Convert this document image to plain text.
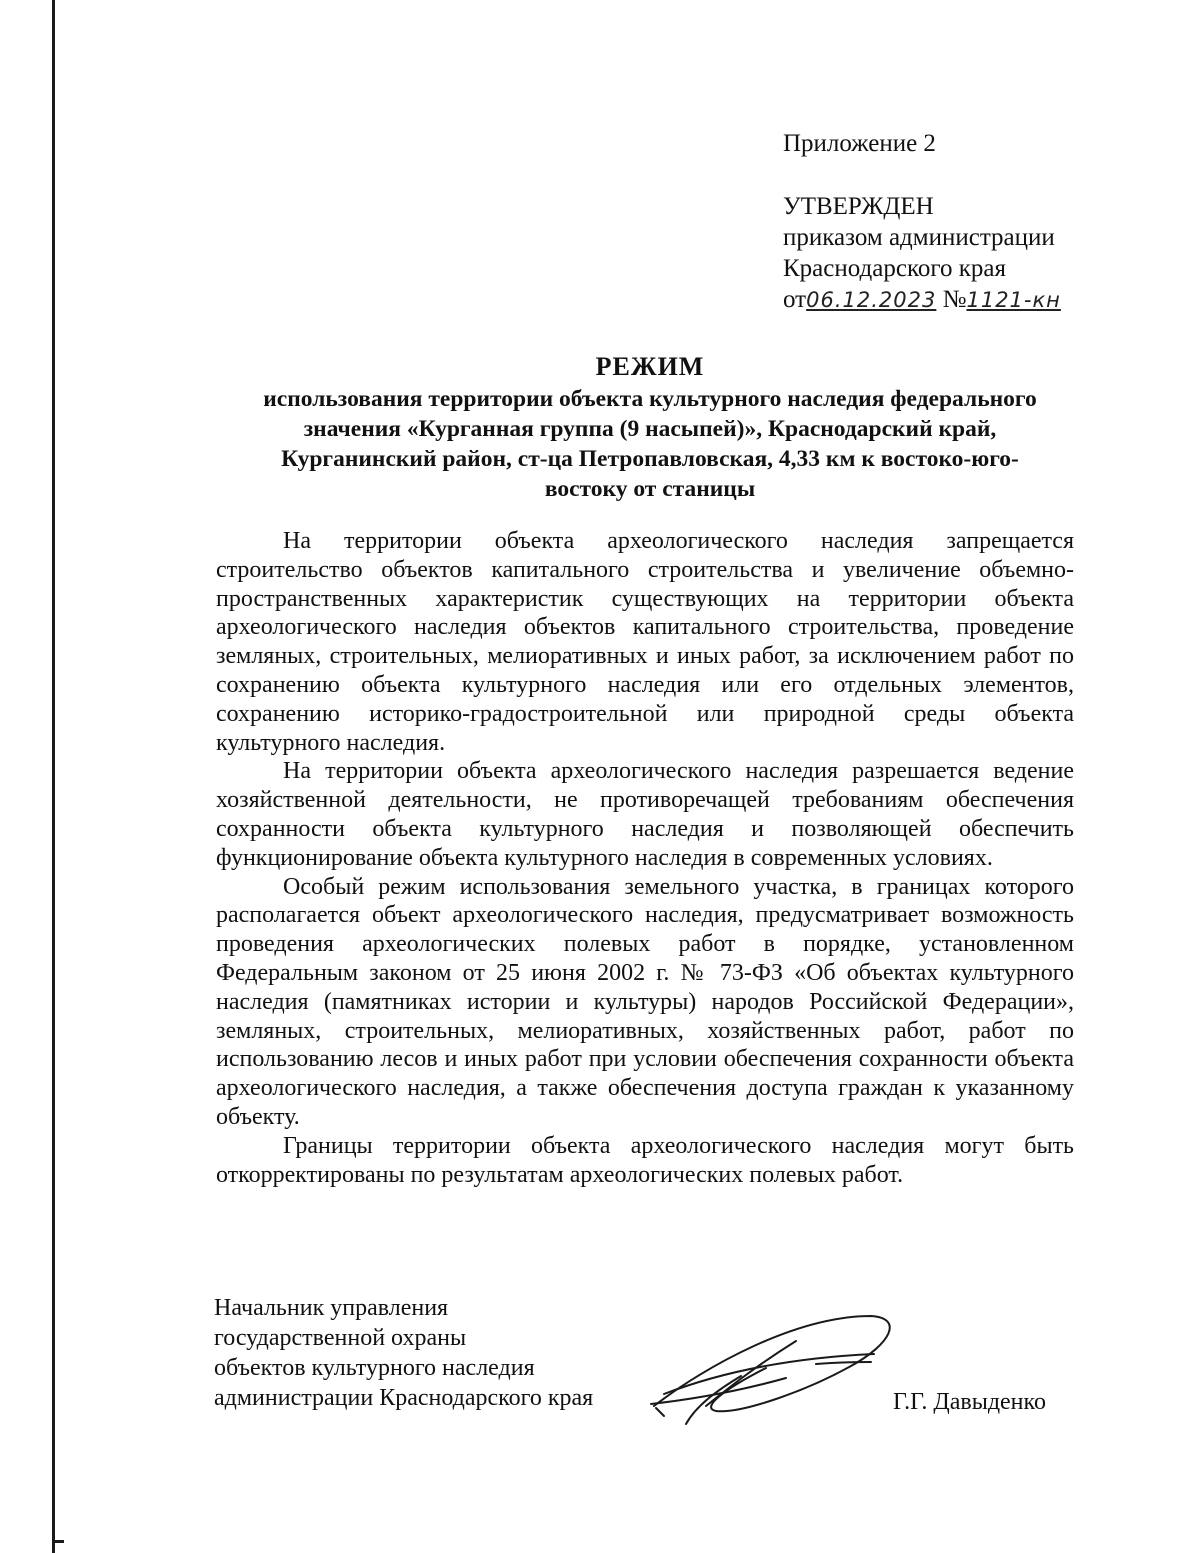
Приложение 2
УТВЕРЖДЕН
приказом администрации
Краснодарского края
от06.12.2023 №1121-кн
РЕЖИМ
использования территории объекта культурного наследия федерального
значения «Курганная группа (9 насыпей)», Краснодарский край,
Курганинский район, ст-ца Петропавловская, 4,33 км к востоко-юго-
востоку от станицы

На территории объекта археологического наследия запрещается строительство объектов капитального строительства и увеличение объемно-пространственных характеристик существующих на территории объекта археологического наследия объектов капитального строительства, проведение земляных, строительных, мелиоративных и иных работ, за исключением работ по сохранению объекта культурного наследия или его отдельных элементов, сохранению историко-градостроительной или природной среды объекта культурного наследия.

На территории объекта археологического наследия разрешается ведение хозяйственной деятельности, не противоречащей требованиям обеспечения сохранности объекта культурного наследия и позволяющей обеспечить функционирование объекта культурного наследия в современных условиях.

Особый режим использования земельного участка, в границах которого располагается объект археологического наследия, предусматривает возможность проведения археологических полевых работ в порядке, установленном Федеральным законом от 25 июня 2002 г. № 73-ФЗ «Об объектах культурного наследия (памятниках истории и культуры) народов Российской Федерации», земляных, строительных, мелиоративных, хозяйственных работ, работ по использованию лесов и иных работ при условии обеспечения сохранности объекта археологического наследия, а также обеспечения доступа граждан к указанному объекту.

Границы территории объекта археологического наследия могут быть откорректированы по результатам археологических полевых работ.

Начальник управления
государственной охраны
объектов культурного наследия
администрации Краснодарского края	Г.Г. Давыденко
